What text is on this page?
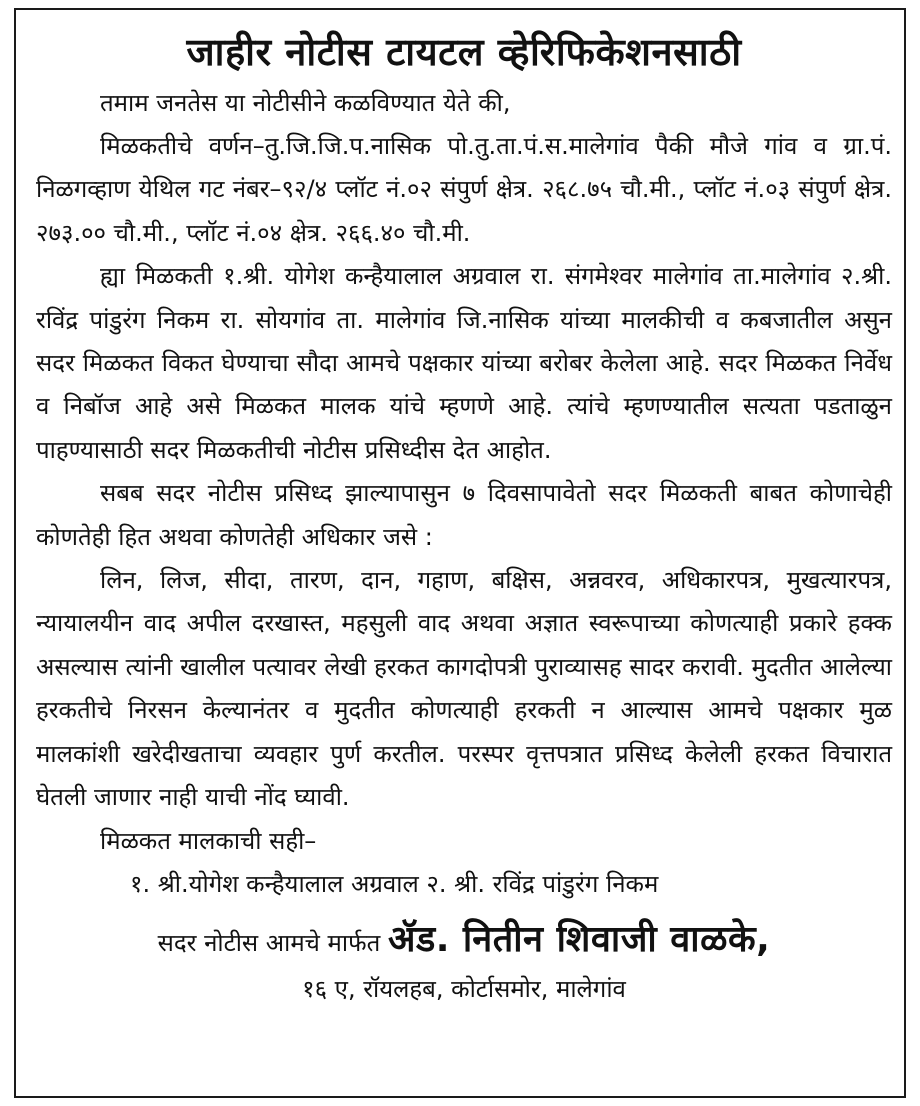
जाहीर नोटीस टायटल व्हेरिफिकेशनसाठी

तमाम जनतेस या नोटीसीने कळविण्यात येते की,

मिळकतीचे वर्णन–तु.जि.जि.प.नासिक पो.तु.ता.पं.स.मालेगांव पैकी मौजे गांव व ग्रा.पं. निळगव्हाण येथिल गट नंबर–९२/४ प्लॉट नं.०२ संपुर्ण क्षेत्र. २६८.७५ चौ.मी., प्लॉट नं.०३ संपुर्ण क्षेत्र. २७३.०० चौ.मी., प्लॉट नं.०४ क्षेत्र. २६६.४० चौ.मी.

ह्या मिळकती १.श्री. योगेश कन्हैयालाल अग्रवाल रा. संगमेश्वर मालेगांव ता.मालेगांव २.श्री. रविंद्र पांडुरंग निकम रा. सोयगांव ता. मालेगांव जि.नासिक यांच्या मालकीची व कबजातील असुन सदर मिळकत विकत घेण्याचा सौदा आमचे पक्षकार यांच्या बरोबर केलेला आहे. सदर मिळकत निर्वेध व निबॉज आहे असे मिळकत मालक यांचे म्हणणे आहे. त्यांचे म्हणण्यातील सत्यता पडताळुन पाहण्यासाठी सदर मिळकतीची नोटीस प्रसिध्दीस देत आहोत.

सबब सदर नोटीस प्रसिध्द झाल्यापासुन ७ दिवसापावेतो सदर मिळकती बाबत कोणाचेही कोणतेही हित अथवा कोणतेही अधिकार जसे :

लिन, लिज, सीदा, तारण, दान, गहाण, बक्षिस, अन्नवरव, अधिकारपत्र, मुखत्यारपत्र, न्यायालयीन वाद अपील दरखास्त, महसुली वाद अथवा अज्ञात स्वरूपाच्या कोणत्याही प्रकारे हक्क असल्यास त्यांनी खालील पत्यावर लेखी हरकत कागदोपत्री पुराव्यासह सादर करावी. मुदतीत आलेल्या हरकतीचे निरसन केल्यानंतर व मुदतीत कोणत्याही हरकती न आल्यास आमचे पक्षकार मुळ मालकांशी खरेदीखताचा व्यवहार पुर्ण करतील. परस्पर वृत्तपत्रात प्रसिध्द केलेली हरकत विचारात घेतली जाणार नाही याची नोंद घ्यावी.

मिळकत मालकाची सही–

१. श्री.योगेश कन्हैयालाल अग्रवाल २. श्री. रविंद्र पांडुरंग निकम

सदर नोटीस आमचे मार्फत ॲड. नितीन शिवाजी वाळके,

१६ ए, रॉयलहब, कोर्टासमोर, मालेगांव
